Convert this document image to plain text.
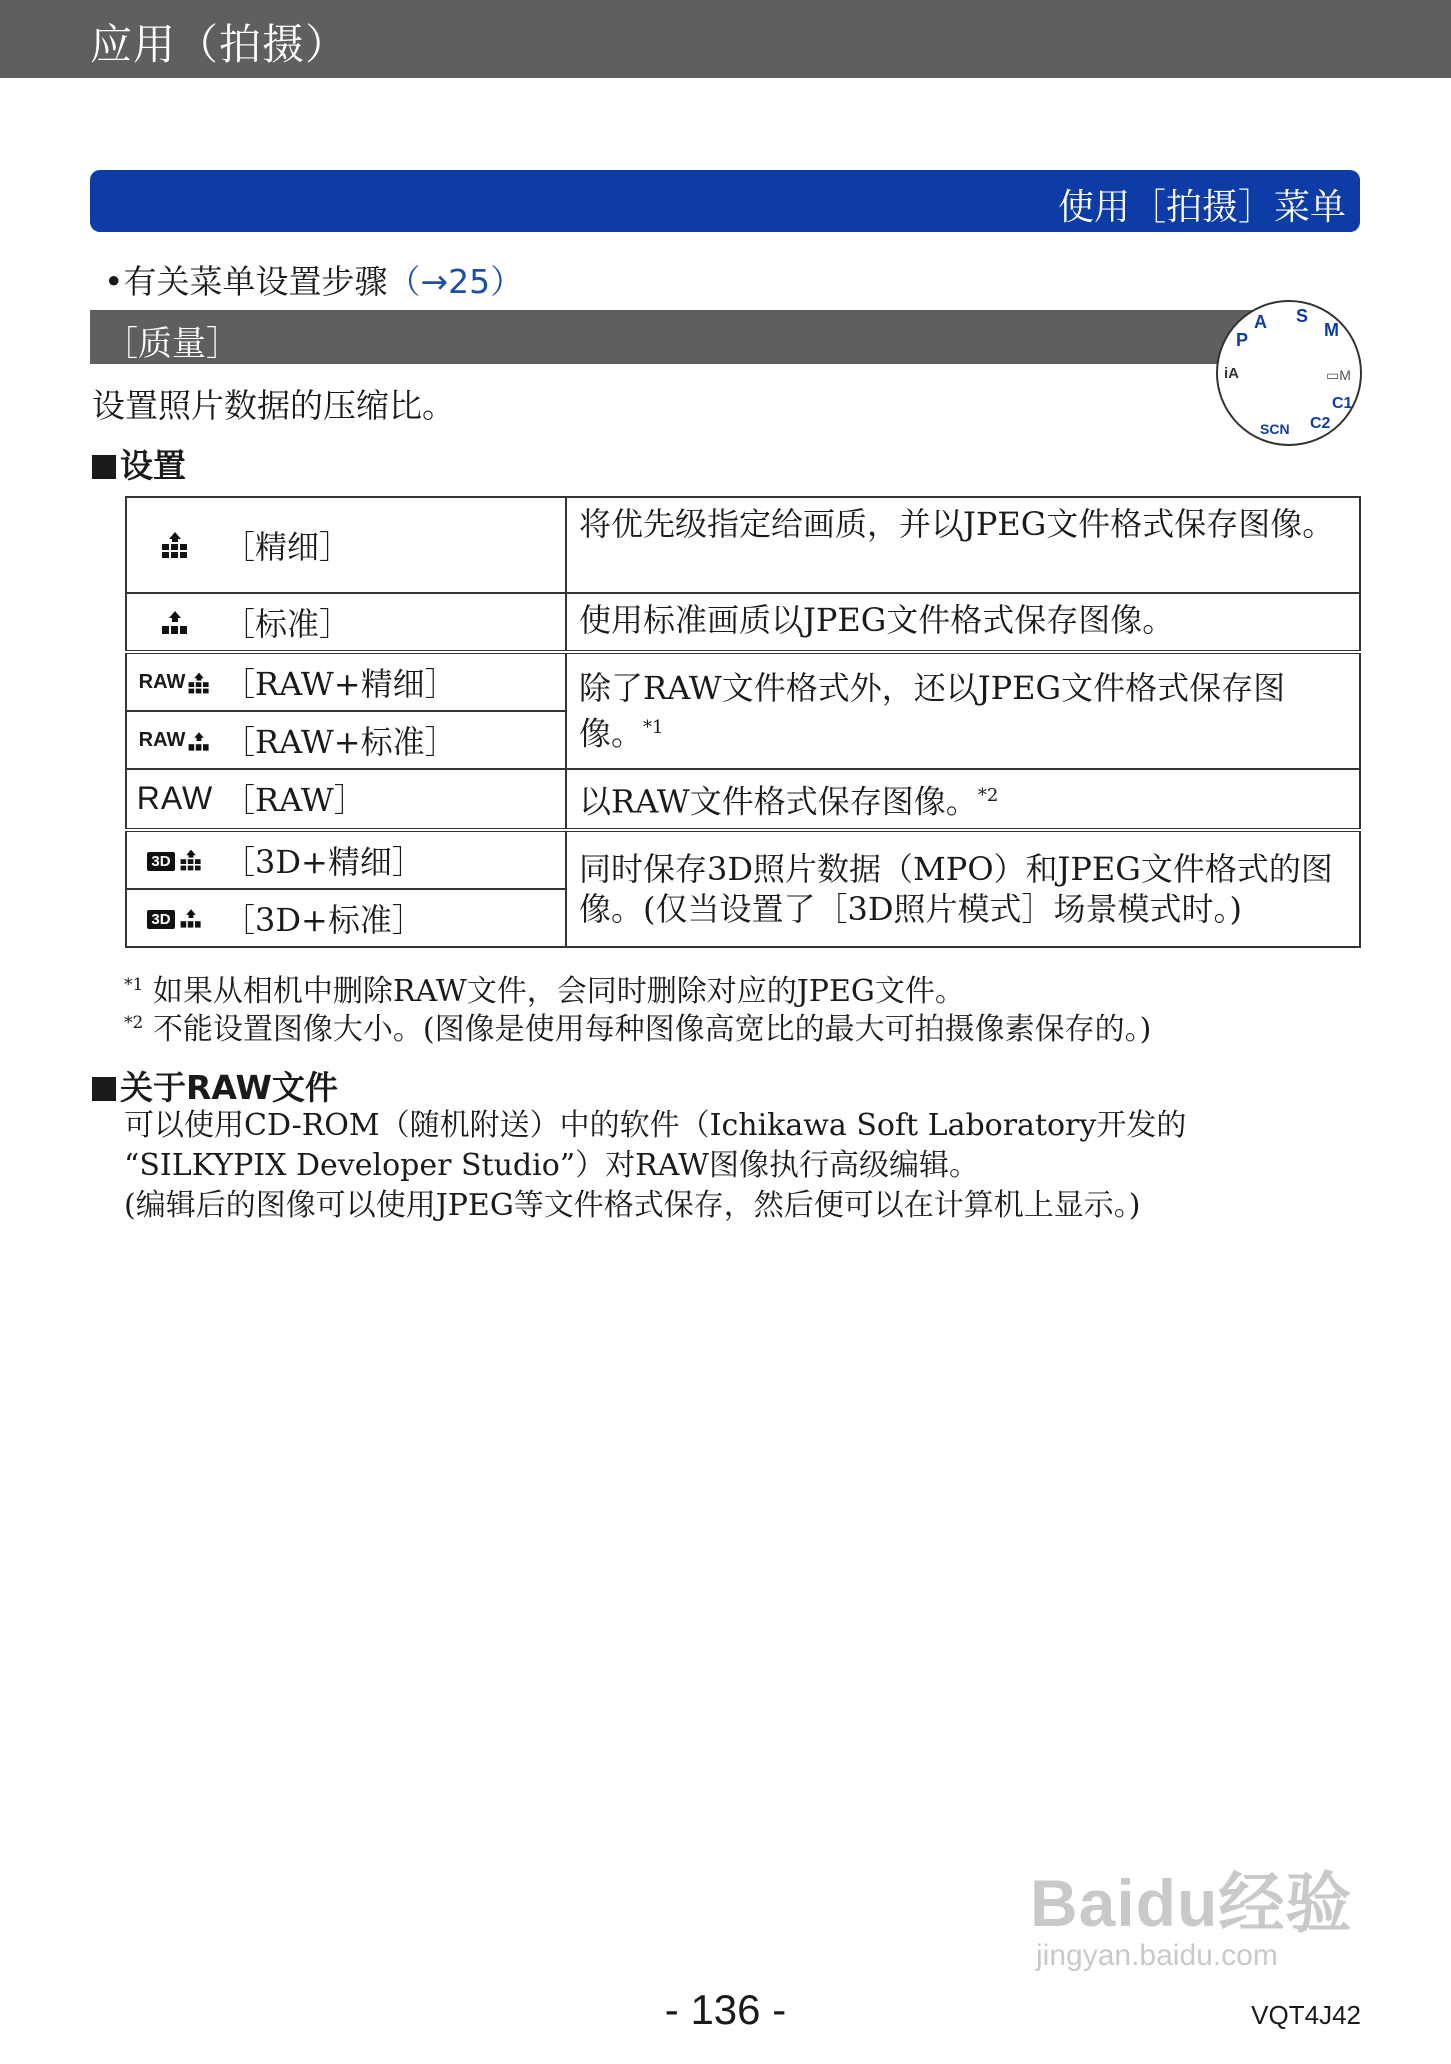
应用（拍摄）
使用［拍摄］菜单
•有关菜单设置步骤（→25）
［质量］	P
A S
M
iA
C1
C2
SCN
▭M
设置照片数据的压缩比。
设置
［精细］	将优先级指定给画质，并以JPEG文件格式保存图像。

［标准］	使用标准画质以JPEG文件格式保存图像。

RAW ［RAW+精细］	除了RAW文件格式外，还以JPEG文件格式保存图像。$^{*1}$

RAW ［RAW+标准］	

RAW ［RAW］	以RAW文件格式保存图像。$^{*2}$

3D ［3D+精细］	同时保存3D照片数据（MPO）和JPEG文件格式的图像。(仅当设置了［3D照片模式］场景模式时。)

3D ［3D+标准］	
$^{*1}$ 如果从相机中删除RAW文件，会同时删除对应的JPEG文件。
$^{*2}$ 不能设置图像大小。(图像是使用每种图像高宽比的最大可拍摄像素保存的。)
关于RAW文件
可以使用CD-ROM（随机附送）中的软件（Ichikawa Soft Laboratory开发的
“SILKYPIX Developer Studio”）对RAW图像执行高级编辑。
(编辑后的图像可以使用JPEG等文件格式保存，然后便可以在计算机上显示。)
Baidu经验
jingyan.baidu.com
- 136 -	VQT4J42
